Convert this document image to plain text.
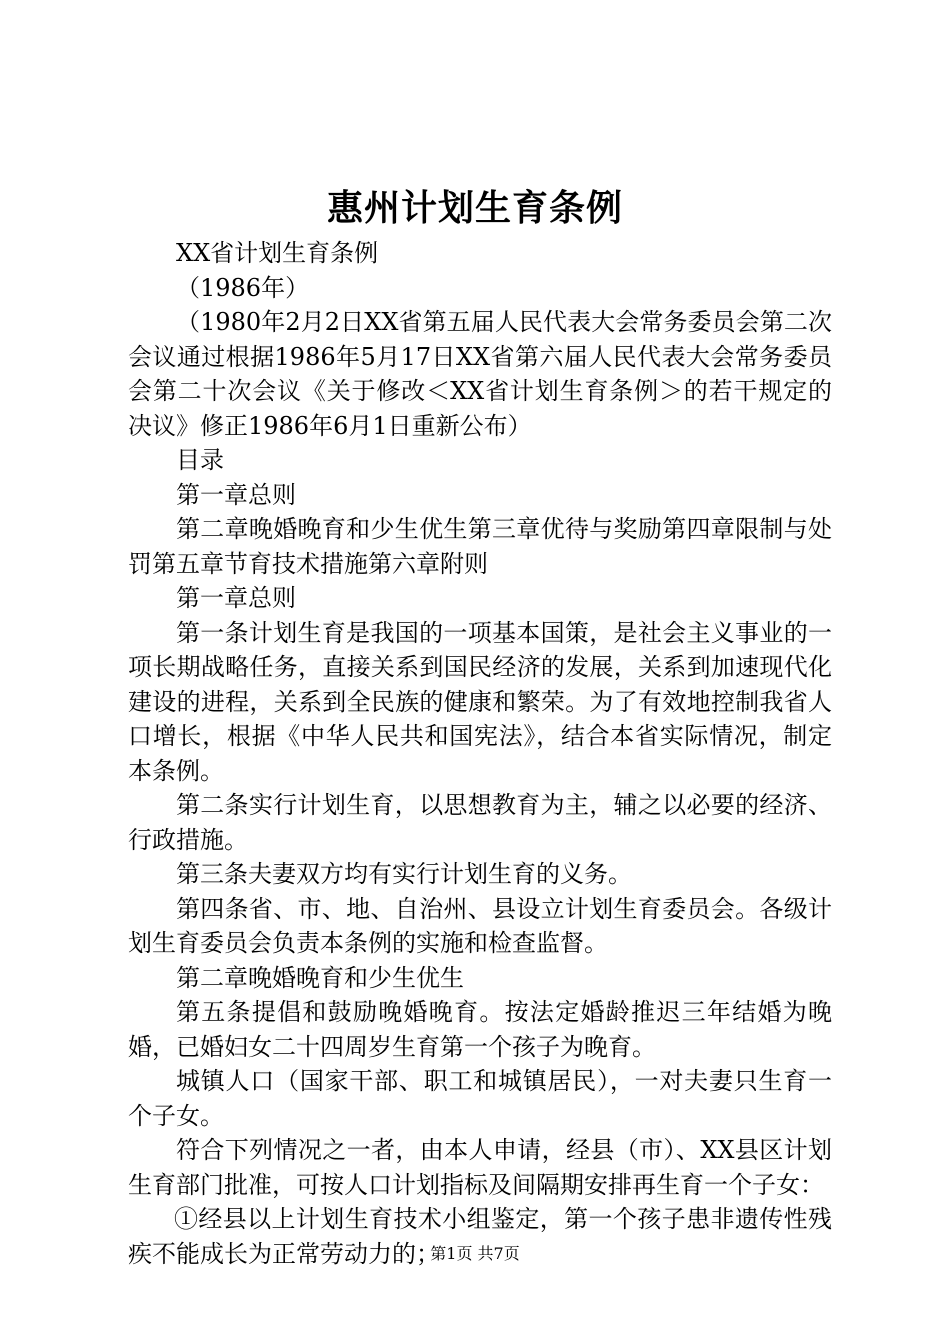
惠州计划生育条例

XX省计划生育条例

（1986年）

（1980年2月2日XX省第五届人民代表大会常务委员会第二次会议通过根据1986年5月17日XX省第六届人民代表大会常务委员会第二十次会议《关于修改＜XX省计划生育条例＞的若干规定的决议》修正1986年6月1日重新公布）

目录

第一章总则

第二章晚婚晚育和少生优生第三章优待与奖励第四章限制与处罚第五章节育技术措施第六章附则

第一章总则

第一条计划生育是我国的一项基本国策，是社会主义事业的一项长期战略任务，直接关系到国民经济的发展，关系到加速现代化建设的进程，关系到全民族的健康和繁荣。为了有效地控制我省人口增长，根据《中华人民共和国宪法》，结合本省实际情况，制定本条例。

第二条实行计划生育，以思想教育为主，辅之以必要的经济、行政措施。

第三条夫妻双方均有实行计划生育的义务。

第四条省、市、地、自治州、县设立计划生育委员会。各级计划生育委员会负责本条例的实施和检查监督。

第二章晚婚晚育和少生优生

第五条提倡和鼓励晚婚晚育。按法定婚龄推迟三年结婚为晚婚，已婚妇女二十四周岁生育第一个孩子为晚育。

城镇人口（国家干部、职工和城镇居民），一对夫妻只生育一个子女。

符合下列情况之一者，由本人申请，经县（市）、XX县区计划生育部门批准，可按人口计划指标及间隔期安排再生育一个子女：

①经县以上计划生育技术小组鉴定，第一个孩子患非遗传性残疾不能成长为正常劳动力的；

第1页 共7页
